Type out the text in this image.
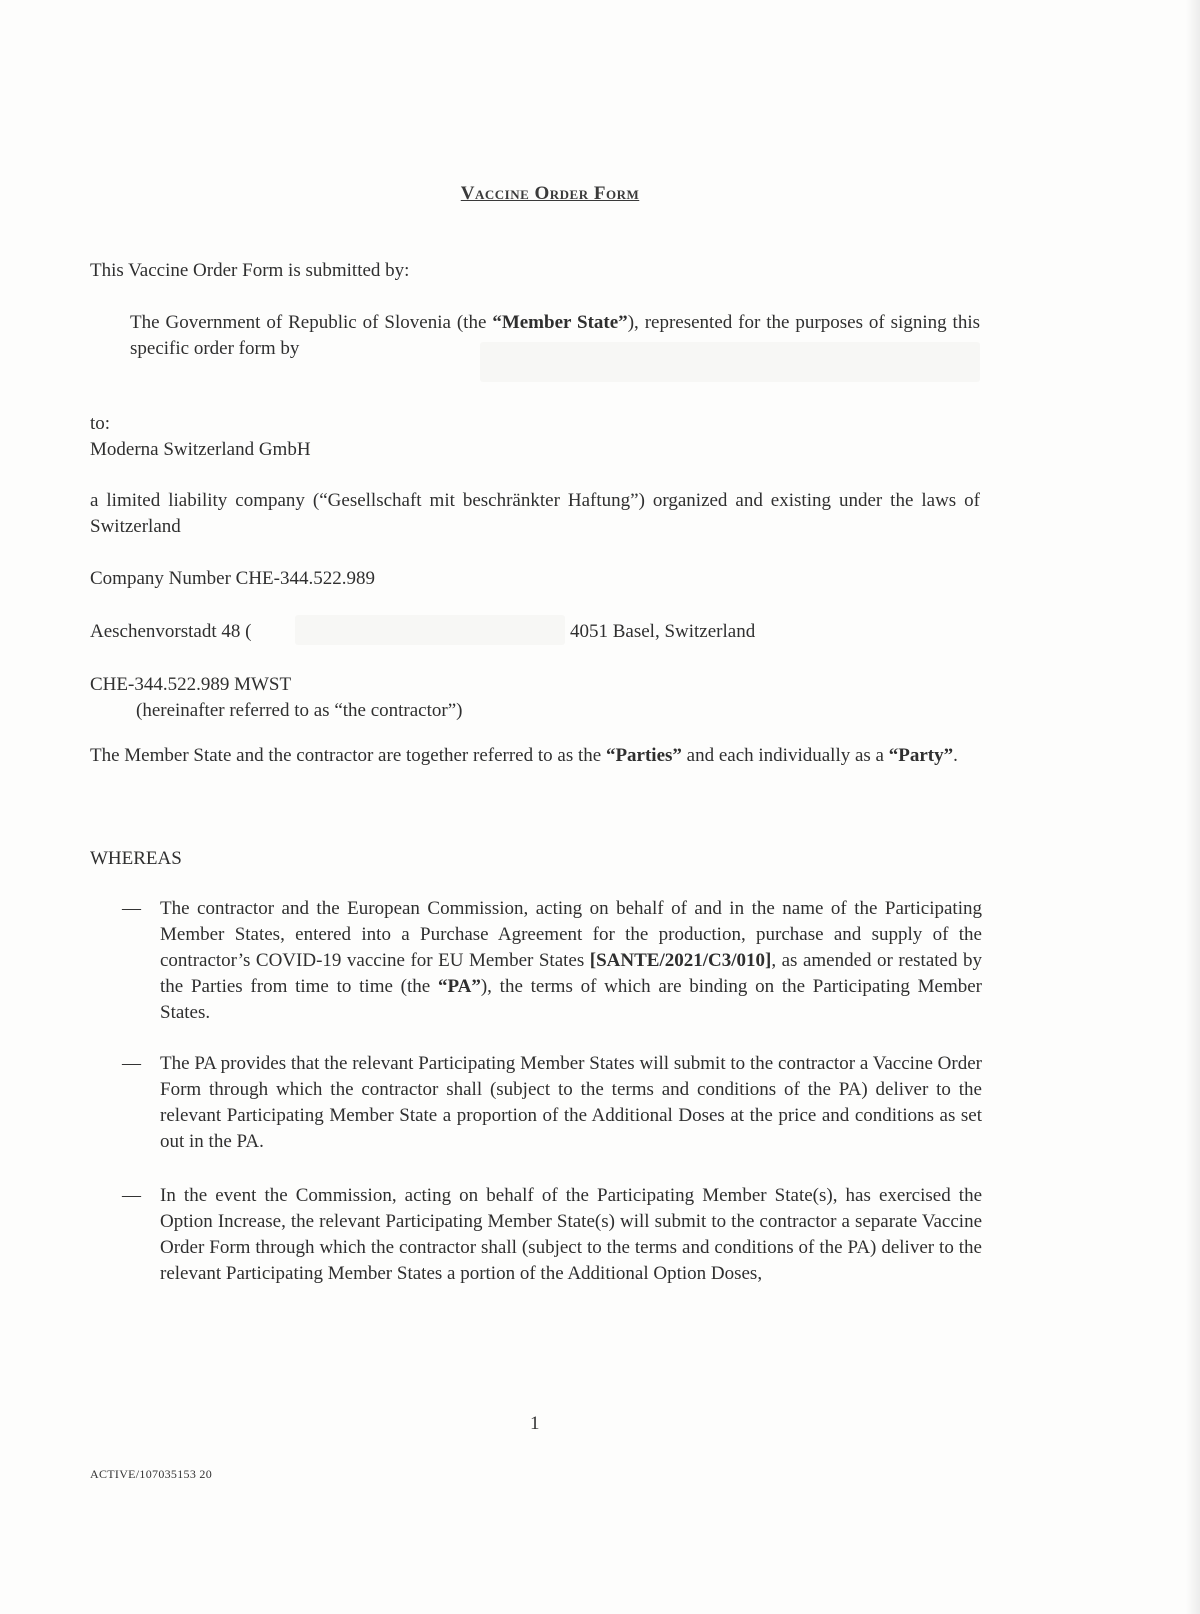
Vaccine Order Form
This Vaccine Order Form is submitted by:
The Government of Republic of Slovenia (the “Member State”), represented for the purposes of signing this specific order form by
to:
Moderna Switzerland GmbH
a limited liability company (“Gesellschaft mit beschränkter Haftung”) organized and existing under the laws of Switzerland
Company Number CHE-344.522.989
Aeschenvorstadt 48 (	4051 Basel, Switzerland
CHE-344.522.989 MWST
(hereinafter referred to as “the contractor”)
The Member State and the contractor are together referred to as the “Parties” and each individually as a “Party”.
WHEREAS
— The contractor and the European Commission, acting on behalf of and in the name of the Participating Member States, entered into a Purchase Agreement for the production, purchase and supply of the contractor’s COVID-19 vaccine for EU Member States [SANTE/2021/C3/010], as amended or restated by the Parties from time to time (the “PA”), the terms of which are binding on the Participating Member States.
— The PA provides that the relevant Participating Member States will submit to the contractor a Vaccine Order Form through which the contractor shall (subject to the terms and conditions of the PA) deliver to the relevant Participating Member State a proportion of the Additional Doses at the price and conditions as set out in the PA.
— In the event the Commission, acting on behalf of the Participating Member State(s), has exercised the Option Increase, the relevant Participating Member State(s) will submit to the contractor a separate Vaccine Order Form through which the contractor shall (subject to the terms and conditions of the PA) deliver to the relevant Participating Member States a portion of the Additional Option Doses,
1
ACTIVE/107035153 20
